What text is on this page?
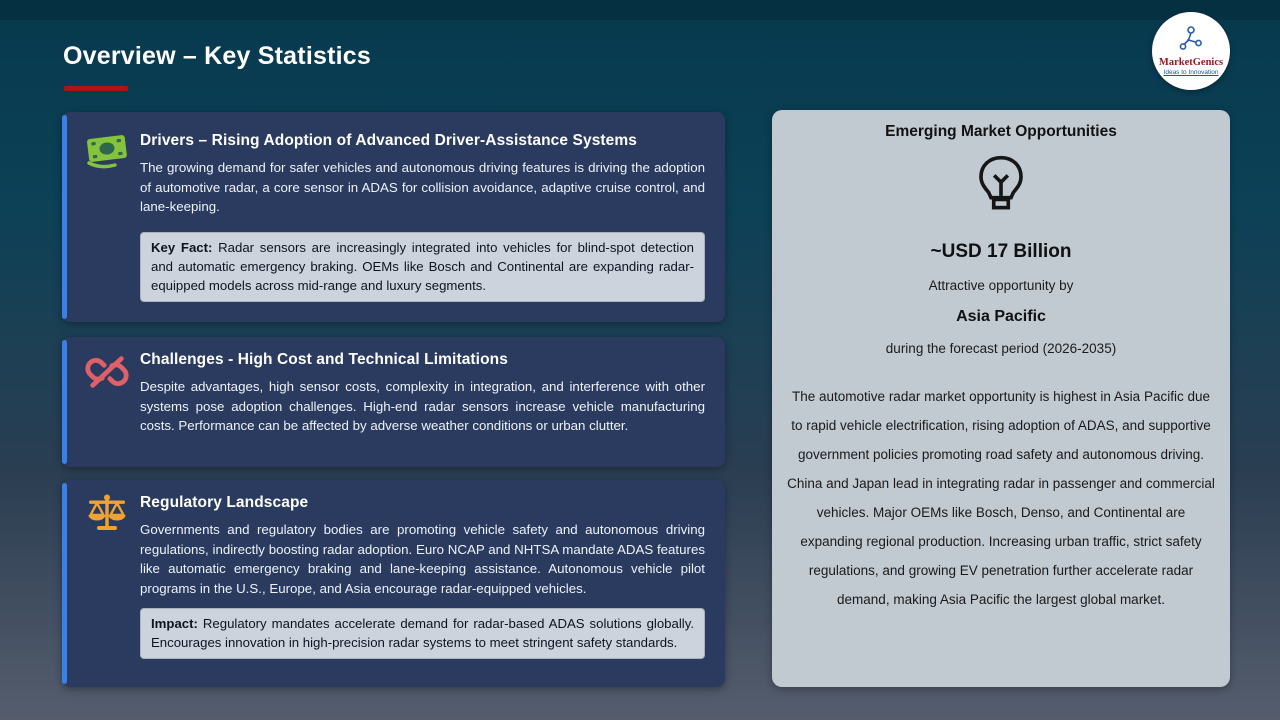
Overview – Key Statistics	MarketGenics
Ideas to Innovation
Drivers – Rising Adoption of Advanced Driver-Assistance Systems

The growing demand for safer vehicles and autonomous driving features is driving the adoption of automotive radar, a core sensor in ADAS for collision avoidance, adaptive cruise control, and lane-keeping.

Key Fact: Radar sensors are increasingly integrated into vehicles for blind-spot detection and automatic emergency braking. OEMs like Bosch and Continental are expanding radar-equipped models across mid-range and luxury segments.
Challenges - High Cost and Technical Limitations

Despite advantages, high sensor costs, complexity in integration, and interference with other systems pose adoption challenges. High-end radar sensors increase vehicle manufacturing costs. Performance can be affected by adverse weather conditions or urban clutter.

Regulatory Landscape

Governments and regulatory bodies are promoting vehicle safety and autonomous driving regulations, indirectly boosting radar adoption. Euro NCAP and NHTSA mandate ADAS features like automatic emergency braking and lane-keeping assistance. Autonomous vehicle pilot programs in the U.S., Europe, and Asia encourage radar-equipped vehicles.

Impact: Regulatory mandates accelerate demand for radar-based ADAS solutions globally. Encourages innovation in high-precision radar systems to meet stringent safety standards.
Emerging Market Opportunities
~USD 17 Billion
Attractive opportunity by
Asia Pacific
during the forecast period (2026-2035)

The automotive radar market opportunity is highest in Asia Pacific due to rapid vehicle electrification, rising adoption of ADAS, and supportive government policies promoting road safety and autonomous driving. China and Japan lead in integrating radar in passenger and commercial vehicles. Major OEMs like Bosch, Denso, and Continental are expanding regional production. Increasing urban traffic, strict safety regulations, and growing EV penetration further accelerate radar demand, making Asia Pacific the largest global market.
